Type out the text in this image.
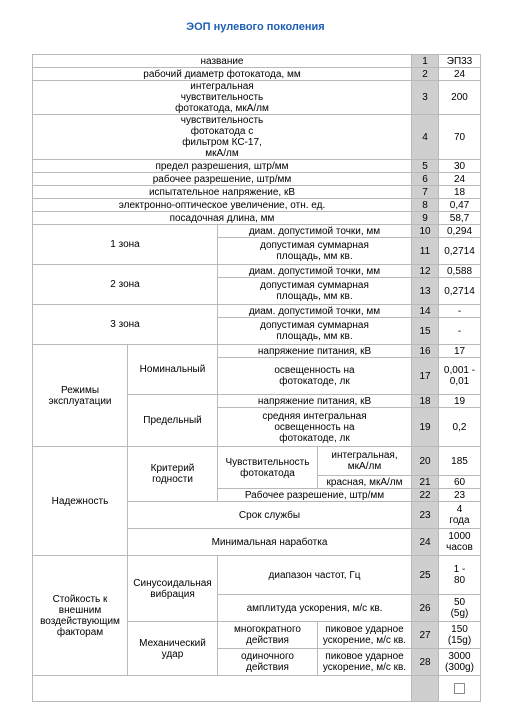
ЭОП нулевого поколения
название				1	ЭП33
рабочий диаметр фотокатода, мм				2	24
интегральная чувствительность фотокатода, мкА/лм				3	200
чувствительность фотокатода с фильтром КС-17, мкА/лм				4	70
предел разрешения, штр/мм				5	30
рабочее разрешение, штр/мм				6	24
испытательное напряжение, кВ				7	18
электронно-оптическое увеличение, отн. ед.				8	0,47
посадочная длина, мм				9	58,7
1 зона		диам. допустимой точки, мм		10	0,294
		допустимая суммарная площадь, мм кв.		11	0,2714
2 зона		диам. допустимой точки, мм		12	0,588
		допустимая суммарная площадь, мм кв.		13	0,2714
3 зона		диам. допустимой точки, мм		14	-
		допустимая суммарная площадь, мм кв.		15	-
Режимы эксплуатации	Номинальный	напряжение питания, кВ		16	17
		освещенность на фотокатоде, лк		17	0,001 - 0,01
	Предельный	напряжение питания, кВ		18	19
		средняя интегральная освещенность на фотокатоде, лк		19	0,2
Надежность	Критерий годности	Чувствительность фотокатода	интегральная, мкА/лм	20	185
			красная, мкА/лм	21	60
		Рабочее разрешение, штр/мм		22	23
	Срок службы			23	4 года
	Минимальная наработка			24	1000 часов
Стойкость к внешним воздействующим факторам	Синусоидальная вибрация	диапазон частот, Гц		25	1 - 80
		амплитуда ускорения, м/с кв.		26	50 (5g)
	Механический удар	многократного действия	пиковое ударное ускорение, м/с кв.	27	150 (15g)
		одиночного действия	пиковое ударное ускорение, м/с кв.	28	3000 (300g)
